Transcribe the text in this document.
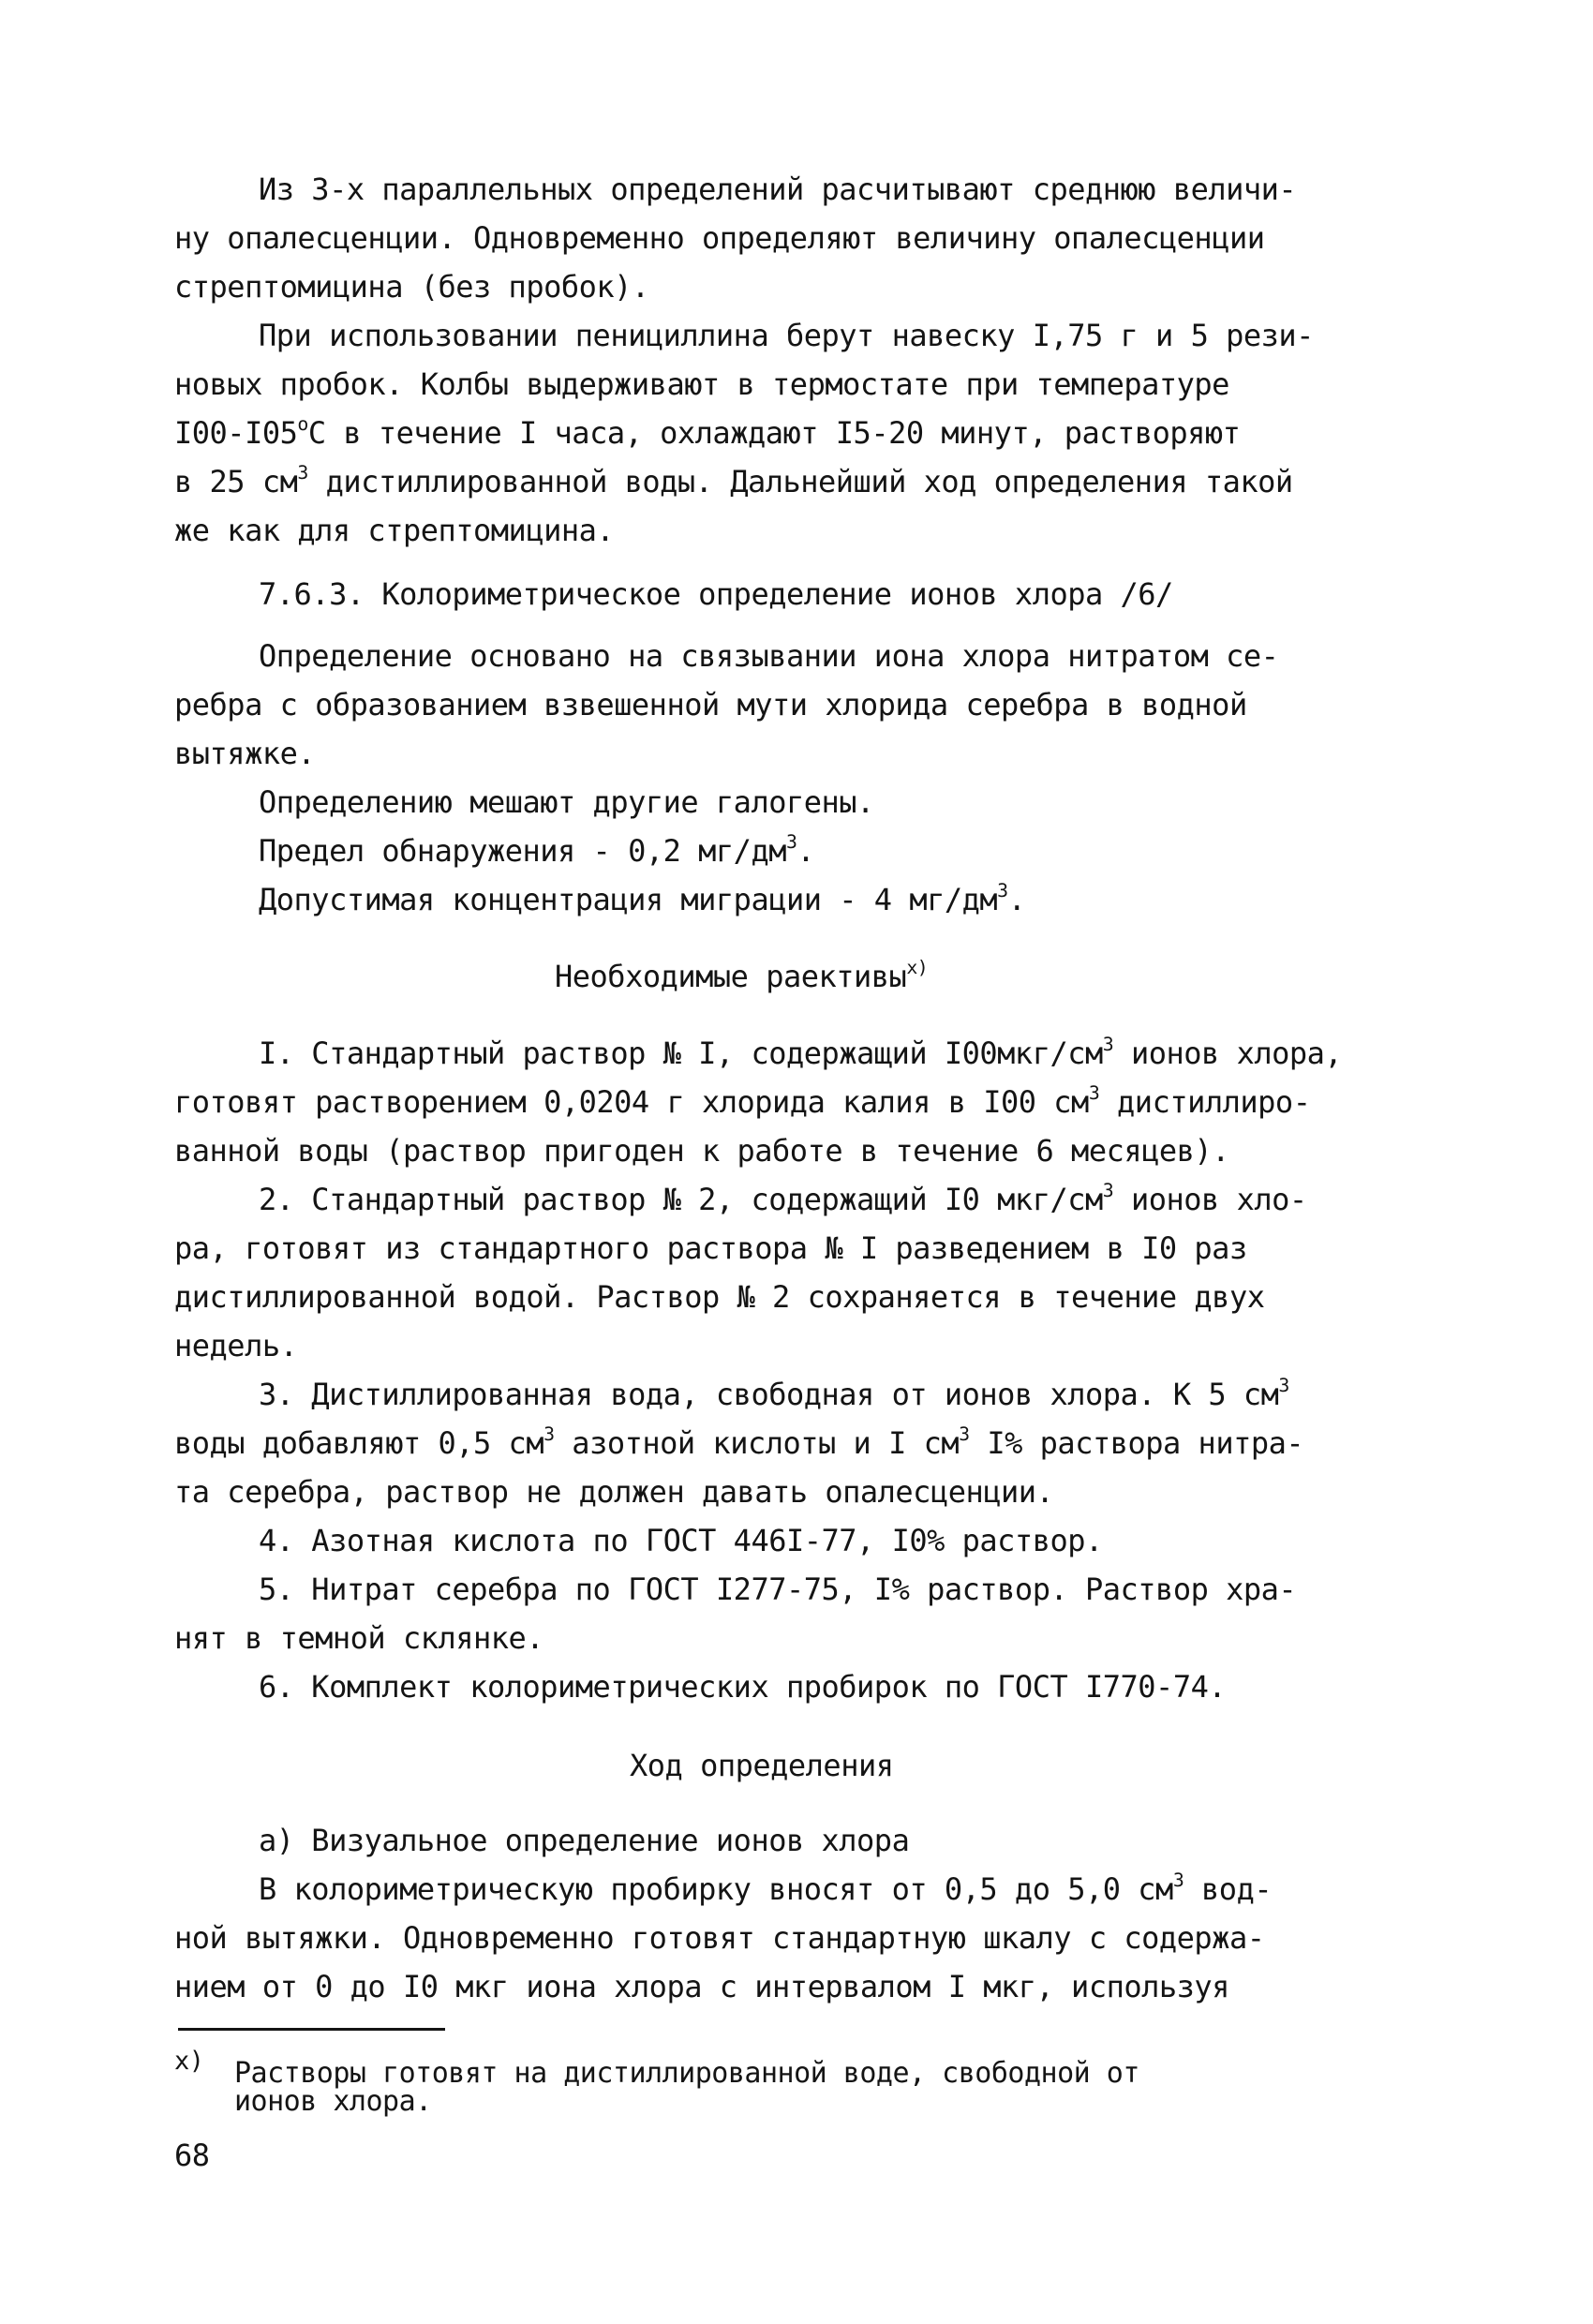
Из 3-х параллельных определений расчитывают среднюю величи-
ну опалесценции. Одновременно определяют величину опалесценции
стрептомицина (без пробок).
При использовании пенициллина берут навеску I,75 г и 5 рези-
новых пробок. Колбы выдерживают в термостате при температуре
$I00-I05^оС$ в течение I часа, охлаждают I5-20 минут, растворяют
в 25 $см^3$ дистиллированной воды. Дальнейший ход определения такой
же как для стрептомицина.
7.6.3. Колориметрическое определение ионов хлора /6/
Определение основано на связывании иона хлора нитратом се-
ребра с образованием взвешенной мути хлорида серебра в водной
вытяжке.
Определению мешают другие галогены.
Предел обнаружения - 0,2 $мг/дм^3$.
Допустимая концентрация миграции - 4 $мг/дм^3$.
Необходимые раективы$^{х)}$
I. Стандартный раствор № I, содержащий $I00мкг/см^3$ ионов хлора,
готовят растворением 0,0204 г хлорида калия в I00 $см^3$ дистиллиро-
ванной воды (раствор пригоден к работе в течение 6 месяцев).
2. Стандартный раствор № 2, содержащий I0 мкг/$см^3$ ионов хло-
ра, готовят из стандартного раствора № I разведением в I0 раз
дистиллированной водой. Раствор № 2 сохраняется в течение двух
недель.
3. Дистиллированная вода, свободная от ионов хлора. К 5 $см^3$
воды добавляют 0,5 $см^3$ азотной кислоты и I $см^3$ I% раствора нитра-
та серебра, раствор не должен давать опалесценции.
4. Азотная кислота по ГОСТ 446I-77, I0% раствор.
5. Нитрат серебра по ГОСТ I277-75, I% раствор. Раствор хра-
нят в темной склянке.
6. Комплект колориметрических пробирок по ГОСТ I770-74.
Ход определения
а) Визуальное определение ионов хлора
В колориметрическую пробирку вносят от 0,5 до 5,0 $см^3$ вод-
ной вытяжки. Одновременно готовят стандартную шкалу с содержа-
нием от 0 до I0 мкг иона хлора с интервалом I мкг, используя
х) Растворы готовят на дистиллированной воде, свободной от
ионов хлора.
68
